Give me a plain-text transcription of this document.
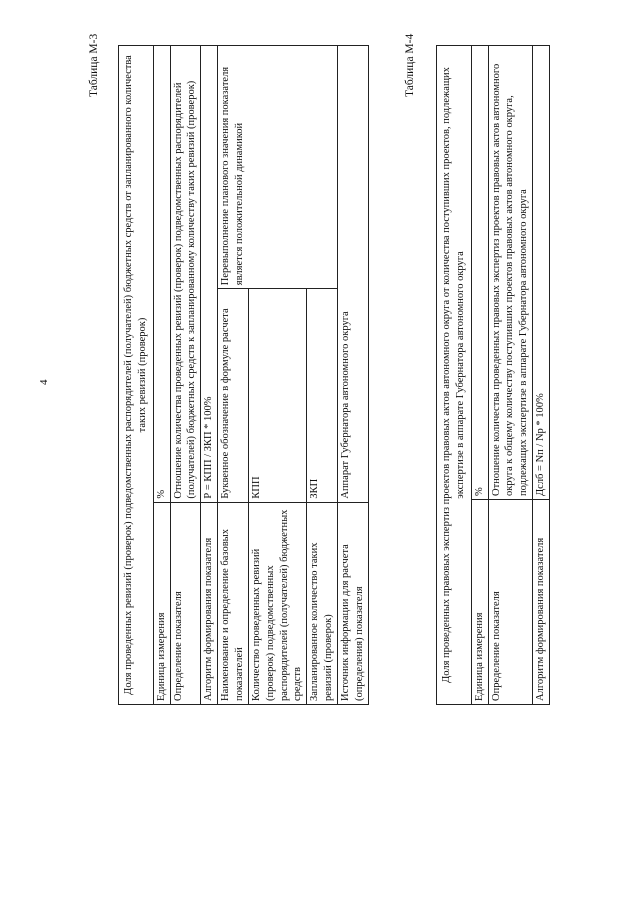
4
Таблица М-3 Доля проведенных ревизий (проверок) подведомственных распорядителей (получателей) бюджетных средств от запланированного количества таких ревизий (проверок)		
Единица измерения	%	
Определение показателя	Отношение количества проведенных ревизий (проверок) подведомственных распорядителей (получателей) бюджетных средств к запланированному количеству таких ревизий (проверок)	
Алгоритм формирования показателя	Р = КПП / ЗКП * 100%	
Наименование и определение базовых показателей	Буквенное обозначение в формуле расчета	Перевыполнение планового значения показателя является положительной динамикой
Количество проведенных ревизий (проверок) подведомственных распорядителей (получателей) бюджетных средств	КПП	
Запланированное количество таких ревизий (проверок)	ЗКП	
Источник информации для расчета (определения) показателя	Аппарат Губернатора автономного округа	
Таблица М-4
Доля проведенных правовых экспертиз проектов правовых актов автономного округа от количества поступивших проектов, подлежащих экспертизе в аппарате Губернатора автономного округа	
Единица измерения	%
Определение показателя	Отношение количества проведенных правовых экспертиз проектов правовых актов автономного округа к общему количеству поступивших проектов правовых актов автономного округа, подлежащих экспертизе в аппарате Губернатора автономного округа
Алгоритм формирования показателя	Дслб = Nп / Nр * 100%
